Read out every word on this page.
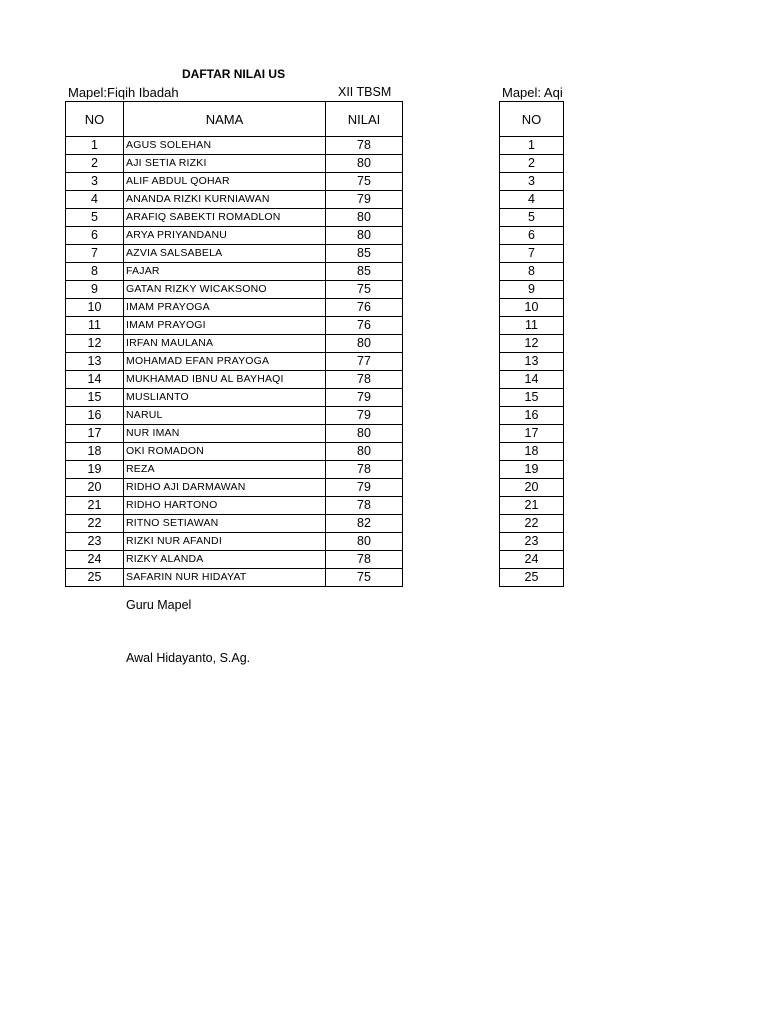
DAFTAR NILAI US
Mapel:Fiqih Ibadah	XII TBSM	Mapel: Aqi
NO	NAMA	NILAI
1	AGUS SOLEHAN	78
2	AJI SETIA RIZKI	80
3	ALIF ABDUL QOHAR	75
4	ANANDA RIZKI KURNIAWAN	79
5	ARAFIQ SABEKTI ROMADLON	80
6	ARYA PRIYANDANU	80
7	AZVIA SALSABELA	85
8	FAJAR	85
9	GATAN RIZKY WICAKSONO	75
10	IMAM PRAYOGA	76
11	IMAM PRAYOGI	76
12	IRFAN MAULANA	80
13	MOHAMAD EFAN PRAYOGA	77
14	MUKHAMAD IBNU AL BAYHAQI	78
15	MUSLIANTO	79
16	NARUL	79
17	NUR IMAN	80
18	OKI ROMADON	80
19	REZA	78
20	RIDHO AJI DARMAWAN	79
21	RIDHO HARTONO	78
22	RITNO SETIAWAN	82
23	RIZKI NUR AFANDI	80
24	RIZKY ALANDA	78
25	SAFARIN NUR HIDAYAT	75
NO
1
2
3
4
5
6
7
8
9
10
11
12
13
14
15
16
17
18
19
20
21
22
23
24
25
Guru Mapel
Awal Hidayanto, S.Ag.
